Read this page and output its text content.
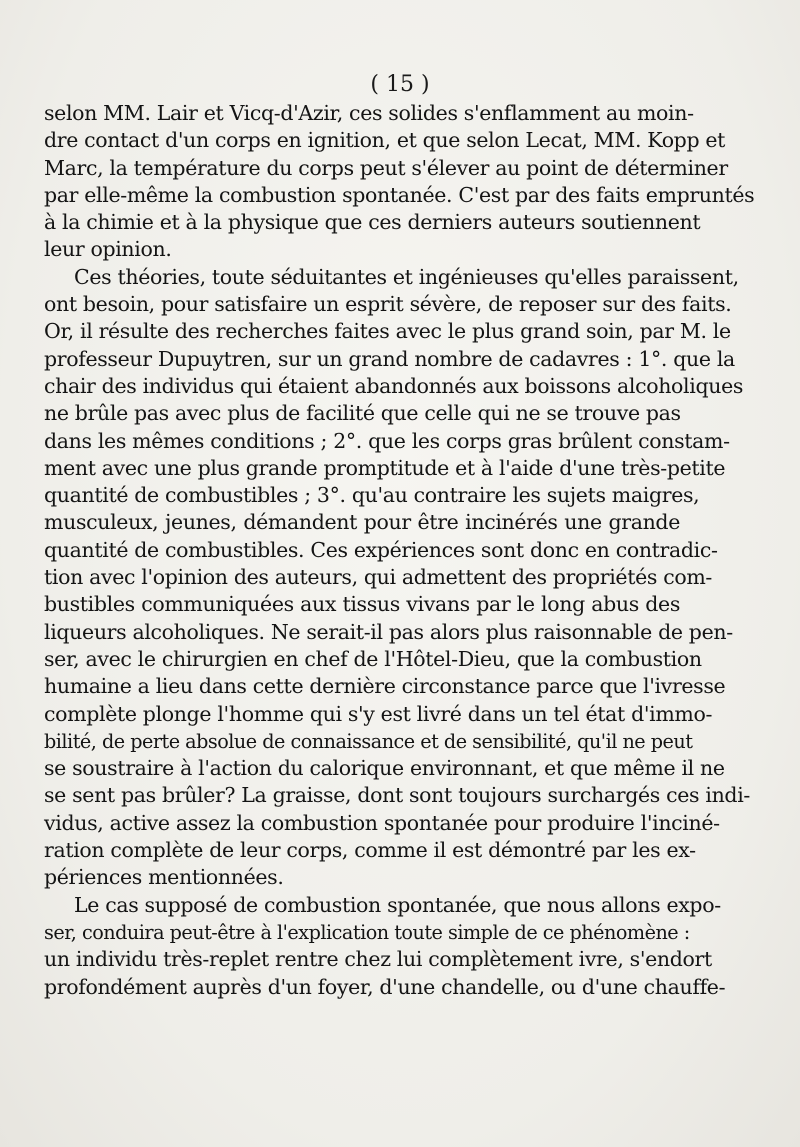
( 15 )
selon MM. Lair et Vicq-d'Azir, ces solides s'enflamment au moin-
dre contact d'un corps en ignition, et que selon Lecat, MM. Kopp et
Marc, la température du corps peut s'élever au point de déterminer
par elle-même la combustion spontanée. C'est par des faits empruntés
à la chimie et à la physique que ces derniers auteurs soutiennent
leur opinion.
Ces théories, toute séduitantes et ingénieuses qu'elles paraissent,
ont besoin, pour satisfaire un esprit sévère, de reposer sur des faits.
Or, il résulte des recherches faites avec le plus grand soin, par M. le
professeur Dupuytren, sur un grand nombre de cadavres : 1°. que la
chair des individus qui étaient abandonnés aux boissons alcoholiques
ne brûle pas avec plus de facilité que celle qui ne se trouve pas
dans les mêmes conditions ; 2°. que les corps gras brûlent constam-
ment avec une plus grande promptitude et à l'aide d'une très-petite
quantité de combustibles ; 3°. qu'au contraire les sujets maigres,
musculeux, jeunes, démandent pour être incinérés une grande
quantité de combustibles. Ces expériences sont donc en contradic-
tion avec l'opinion des auteurs, qui admettent des propriétés com-
bustibles communiquées aux tissus vivans par le long abus des
liqueurs alcoholiques. Ne serait-il pas alors plus raisonnable de pen-
ser, avec le chirurgien en chef de l'Hôtel-Dieu, que la combustion
humaine a lieu dans cette dernière circonstance parce que l'ivresse
complète plonge l'homme qui s'y est livré dans un tel état d'immo-
bilité, de perte absolue de connaissance et de sensibilité, qu'il ne peut
se soustraire à l'action du calorique environnant, et que même il ne
se sent pas brûler? La graisse, dont sont toujours surchargés ces indi-
vidus, active assez la combustion spontanée pour produire l'inciné-
ration complète de leur corps, comme il est démontré par les ex-
périences mentionnées.
Le cas supposé de combustion spontanée, que nous allons expo-
ser, conduira peut-être à l'explication toute simple de ce phénomène :
un individu très-replet rentre chez lui complètement ivre, s'endort
profondément auprès d'un foyer, d'une chandelle, ou d'une chauffe-
